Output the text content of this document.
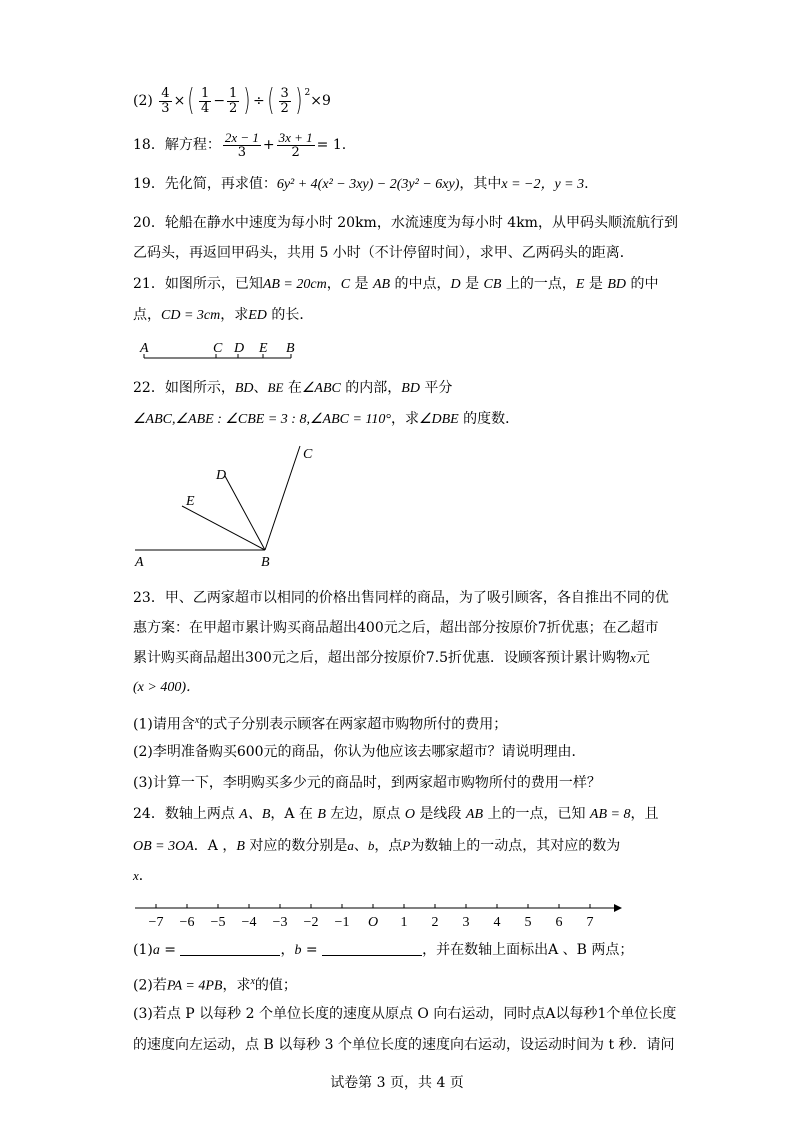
$(2) \frac{4}{3}$ ×( $\frac{1}{4} - \frac{1}{2}$ ) ÷( $\frac{3}{2}$ ) $^2$×9
18．解方程： $\frac{2x - 1}{3} + \frac{3x + 1}{2} = 1$.
19．先化简，再求值：6y² + 4(x² − 3xy) − 2(3y² − 6xy)，其中x = −2，y = 3.
20．轮船在静水中速度为每小时 20km，水流速度为每小时 4km，从甲码头顺流航行到
乙码头，再返回甲码头，共用 5 小时（不计停留时间），求甲、乙两码头的距离．
21．如图所示，已知AB = 20cm，C 是 AB 的中点，D 是 CB 上的一点，E 是 BD 的中
点，CD = 3cm，求ED 的长．
A	C D E B
22．如图所示，BD、BE 在∠ABC 的内部，BD 平分
∠ABC,∠ABE : ∠CBE = 3 : 8,∠ABC = 110°，求∠DBE 的度数．
A	B
C
D
E
23．甲、乙两家超市以相同的价格出售同样的商品，为了吸引顾客，各自推出不同的优
惠方案：在甲超市累计购买商品超出400元之后，超出部分按原价7折优惠；在乙超市
累计购买商品超出300元之后，超出部分按原价7.5折优惠．设顾客预计累计购物x元
(x > 400)．
(1)请用含$^x$的式子分别表示顾客在两家超市购物所付的费用；
(2)李明准备购买600元的商品，你认为他应该去哪家超市？请说明理由．
(3)计算一下，李明购买多少元的商品时，到两家超市购物所付的费用一样？
24．数轴上两点 A、B，A 在 B 左边，原点 O 是线段 AB 上的一点，已知 AB = 8，且
OB = 3OA．A ，B 对应的数分别是a、b，点P为数轴上的一动点，其对应的数为
x．
−7 −6 −5 −4 −3 −2 −1 O 1 2 3 4 5 6 7
(1)a =	，b =	，并在数轴上面标出A 、B 两点；
(2)若PA = 4PB，求$^x$的值；
(3)若点 P 以每秒 2 个单位长度的速度从原点 O 向右运动，同时点A以每秒1个单位长度
的速度向左运动，点 B 以每秒 3 个单位长度的速度向右运动，设运动时间为 t 秒．请问
试卷第 3 页，共 4 页
